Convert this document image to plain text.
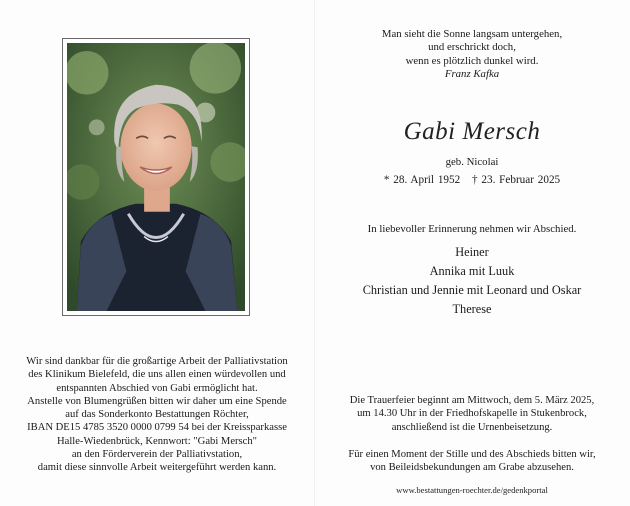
Wir sind dankbar für die großartige Arbeit der Palliativstation
des Klinikum Bielefeld, die uns allen einen würdevollen und
entspannten Abschied von Gabi ermöglicht hat.
Anstelle von Blumengrüßen bitten wir daher um eine Spende
auf das Sonderkonto Bestattungen Röchter,
IBAN DE15 4785 3520 0000 0799 54 bei der Kreissparkasse
Halle-Wiedenbrück, Kennwort: "Gabi Mersch"
an den Förderverein der Palliativstation,
damit diese sinnvolle Arbeit weitergeführt werden kann.
Man sieht die Sonne langsam untergehen,
und erschrickt doch,
wenn es plötzlich dunkel wird.
Franz Kafka
Gabi Mersch
geb. Nicolai
* 28. April 1952 † 23. Februar 2025
In liebevoller Erinnerung nehmen wir Abschied.
Heiner
Annika mit Luuk
Christian und Jennie mit Leonard und Oskar
Therese
Die Trauerfeier beginnt am Mittwoch, dem 5. März 2025,
um 14.30 Uhr in der Friedhofskapelle in Stukenbrock,
anschließend ist die Urnenbeisetzung.
Für einen Moment der Stille und des Abschieds bitten wir,
von Beileidsbekundungen am Grabe abzusehen.
www.bestattungen-roechter.de/gedenkportal
